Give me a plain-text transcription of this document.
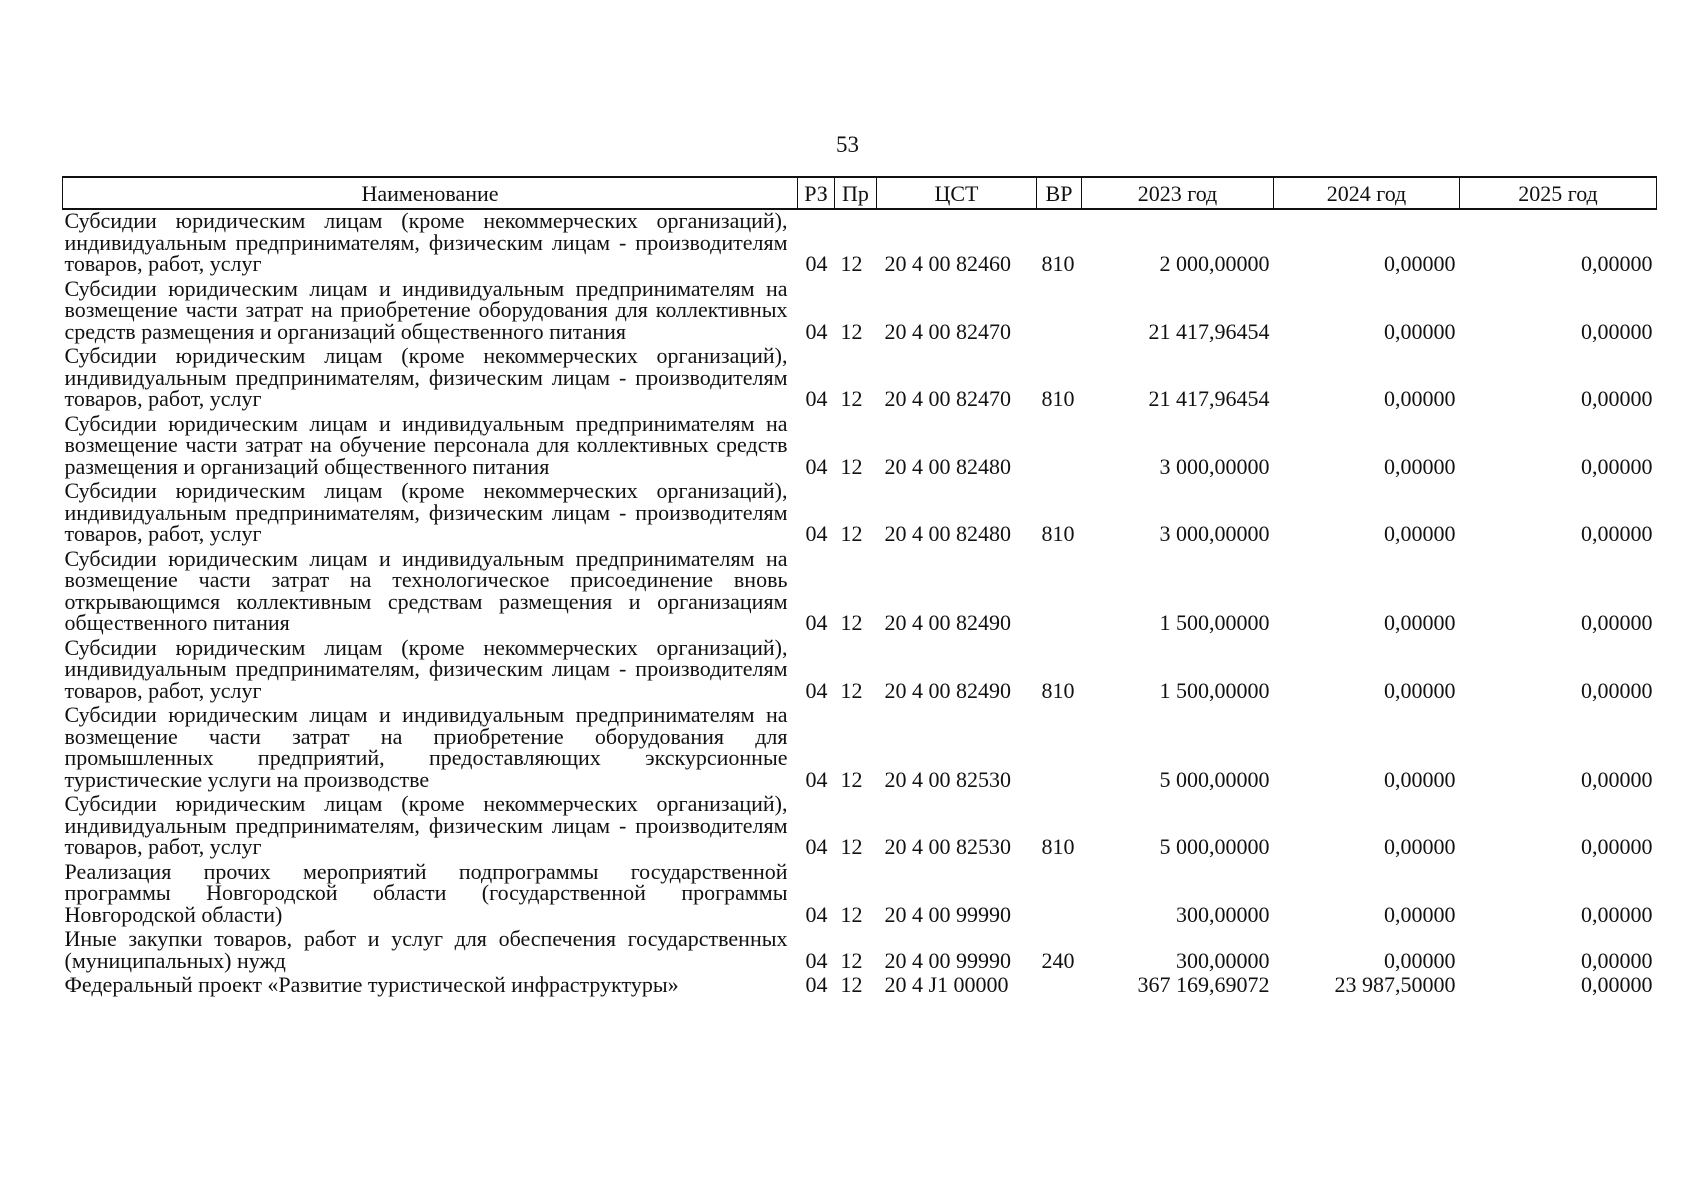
53
Наименование	РЗ	Пр	ЦСТ	ВР	2023 год	2024 год	2025 год
Субсидии юридическим лицам (кроме некоммерческих организаций), индивидуальным предпринимателям, физическим лицам - производителям товаров, работ, услуг	04	12	20 4 00 82460	810	2 000,00000	0,00000	0,00000
Субсидии юридическим лицам и индивидуальным предпринимателям на возмещение части затрат на приобретение оборудования для коллективных средств размещения и организаций общественного питания	04	12	20 4 00 82470		21 417,96454	0,00000	0,00000
Субсидии юридическим лицам (кроме некоммерческих организаций), индивидуальным предпринимателям, физическим лицам - производителям товаров, работ, услуг	04	12	20 4 00 82470	810	21 417,96454	0,00000	0,00000
Субсидии юридическим лицам и индивидуальным предпринимателям на возмещение части затрат на обучение персонала для коллективных средств размещения и организаций общественного питания	04	12	20 4 00 82480		3 000,00000	0,00000	0,00000
Субсидии юридическим лицам (кроме некоммерческих организаций), индивидуальным предпринимателям, физическим лицам - производителям товаров, работ, услуг	04	12	20 4 00 82480	810	3 000,00000	0,00000	0,00000
Субсидии юридическим лицам и индивидуальным предпринимателям на возмещение части затрат на технологическое присоединение вновь открывающимся коллективным средствам размещения и организациям общественного питания	04	12	20 4 00 82490		1 500,00000	0,00000	0,00000
Субсидии юридическим лицам (кроме некоммерческих организаций), индивидуальным предпринимателям, физическим лицам - производителям товаров, работ, услуг	04	12	20 4 00 82490	810	1 500,00000	0,00000	0,00000
Субсидии юридическим лицам и индивидуальным предпринимателям на возмещение части затрат на приобретение оборудования для промышленных предприятий, предоставляющих экскурсионные туристические услуги на производстве	04	12	20 4 00 82530		5 000,00000	0,00000	0,00000
Субсидии юридическим лицам (кроме некоммерческих организаций), индивидуальным предпринимателям, физическим лицам - производителям товаров, работ, услуг	04	12	20 4 00 82530	810	5 000,00000	0,00000	0,00000
Реализация прочих мероприятий подпрограммы государственной программы Новгородской области (государственной программы Новгородской области)	04	12	20 4 00 99990		300,00000	0,00000	0,00000
Иные закупки товаров, работ и услуг для обеспечения государственных (муниципальных) нужд	04	12	20 4 00 99990	240	300,00000	0,00000	0,00000
Федеральный проект «Развитие туристической инфраструктуры»	04	12	20 4 J1 00000		367 169,69072	23 987,50000	0,00000
